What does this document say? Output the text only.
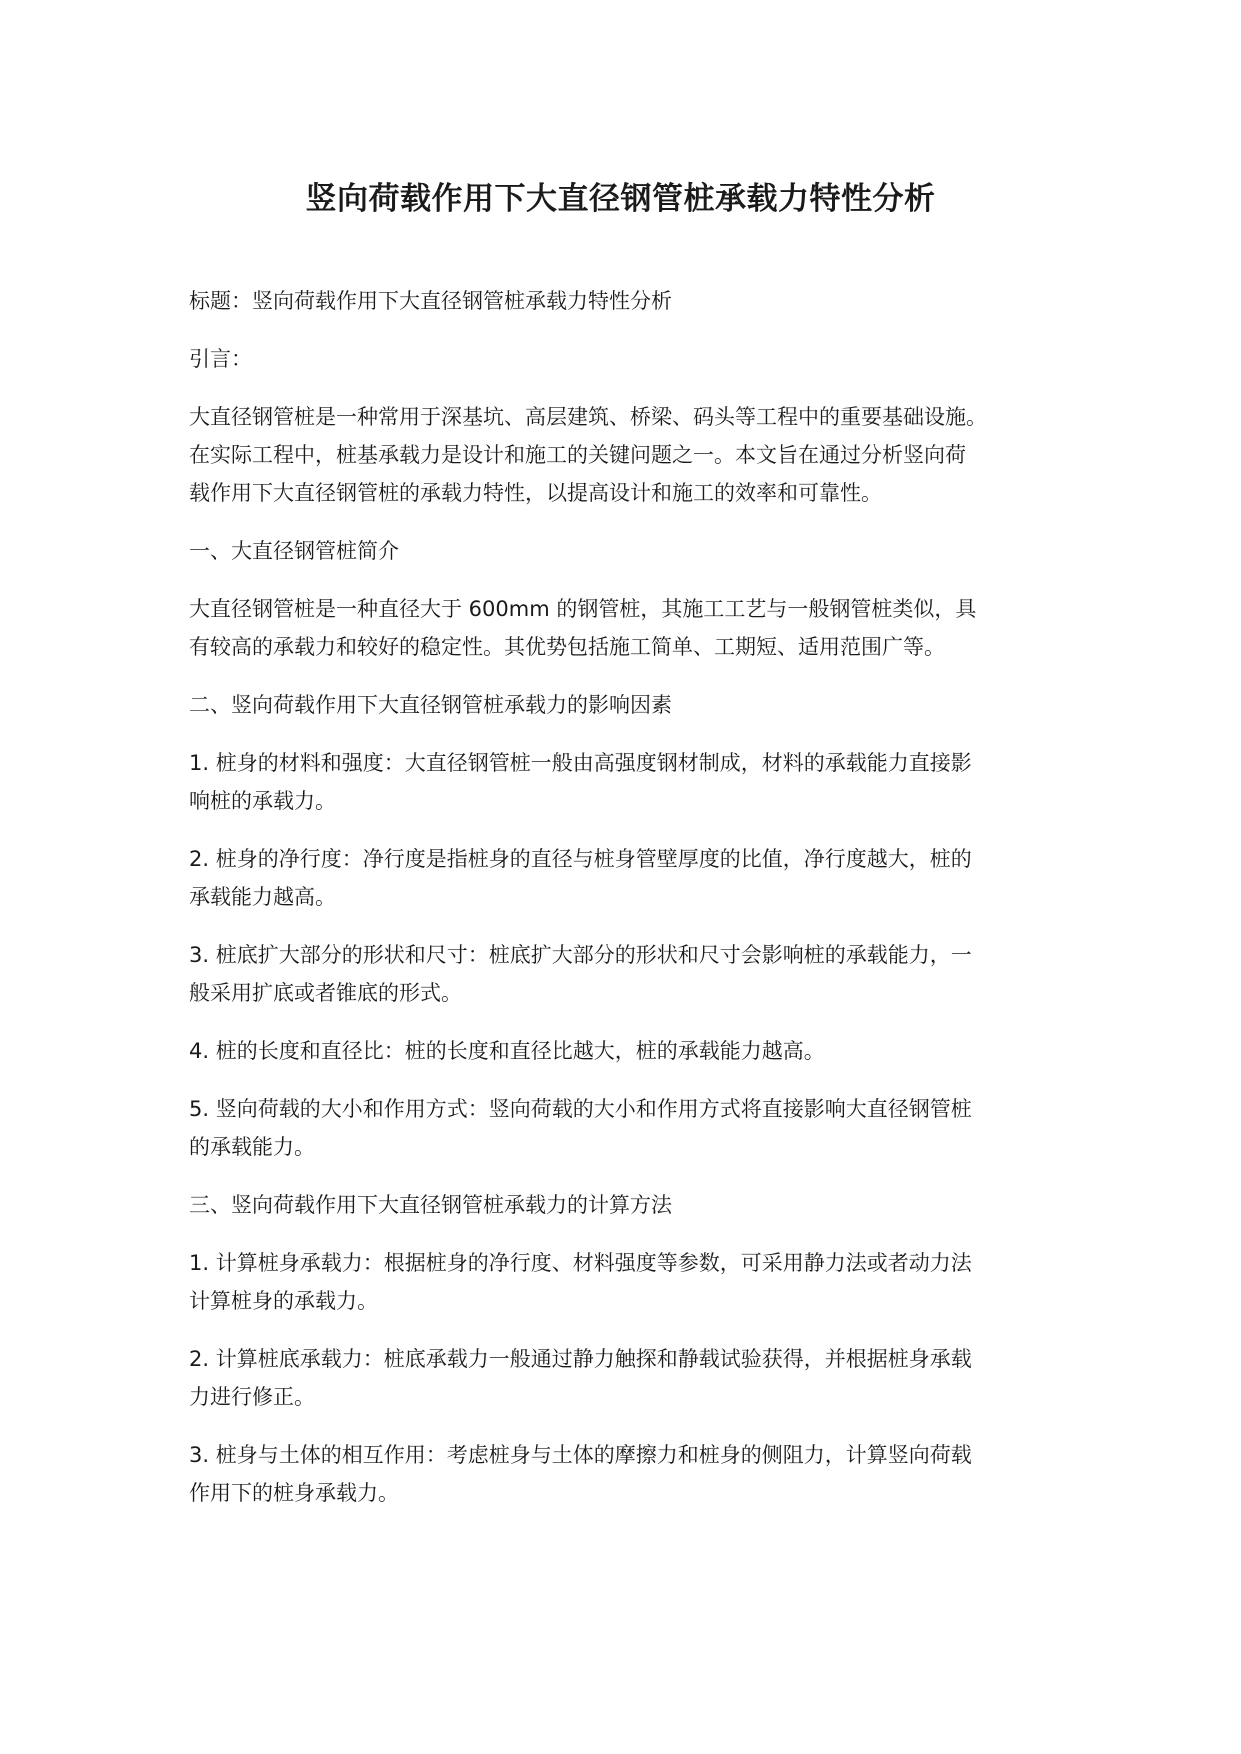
竖向荷载作用下大直径钢管桩承载力特性分析

标题：竖向荷载作用下大直径钢管桩承载力特性分析

引言：

大直径钢管桩是一种常用于深基坑、高层建筑、桥梁、码头等工程中的重要基础设施。
在实际工程中，桩基承载力是设计和施工的关键问题之一。本文旨在通过分析竖向荷
载作用下大直径钢管桩的承载力特性，以提高设计和施工的效率和可靠性。

一、大直径钢管桩简介

大直径钢管桩是一种直径大于 600mm 的钢管桩，其施工工艺与一般钢管桩类似，具
有较高的承载力和较好的稳定性。其优势包括施工简单、工期短、适用范围广等。

二、竖向荷载作用下大直径钢管桩承载力的影响因素

1. 桩身的材料和强度：大直径钢管桩一般由高强度钢材制成，材料的承载能力直接影
响桩的承载力。

2. 桩身的净行度：净行度是指桩身的直径与桩身管壁厚度的比值，净行度越大，桩的
承载能力越高。

3. 桩底扩大部分的形状和尺寸：桩底扩大部分的形状和尺寸会影响桩的承载能力，一
般采用扩底或者锥底的形式。

4. 桩的长度和直径比：桩的长度和直径比越大，桩的承载能力越高。

5. 竖向荷载的大小和作用方式：竖向荷载的大小和作用方式将直接影响大直径钢管桩
的承载能力。

三、竖向荷载作用下大直径钢管桩承载力的计算方法

1. 计算桩身承载力：根据桩身的净行度、材料强度等参数，可采用静力法或者动力法
计算桩身的承载力。

2. 计算桩底承载力：桩底承载力一般通过静力触探和静载试验获得，并根据桩身承载
力进行修正。

3. 桩身与土体的相互作用：考虑桩身与土体的摩擦力和桩身的侧阻力，计算竖向荷载
作用下的桩身承载力。
